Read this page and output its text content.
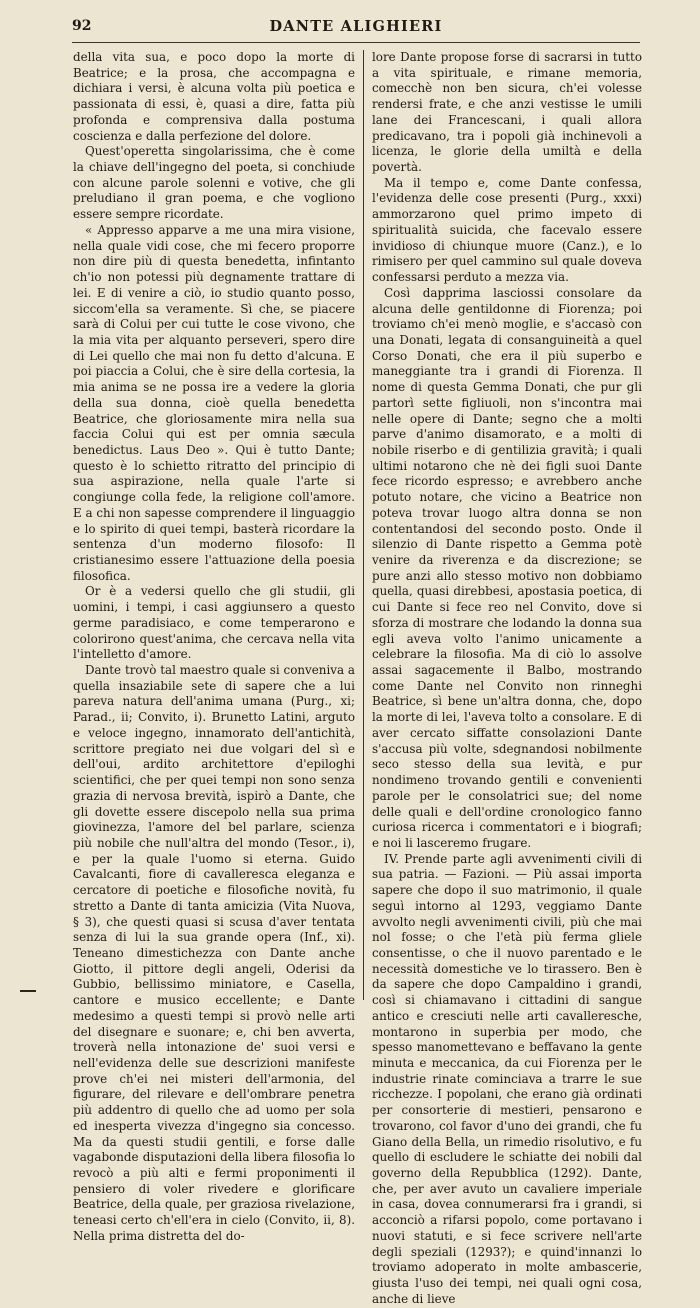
92	DANTE ALIGHIERI

della vita sua, e poco dopo la morte di Beatrice; e la prosa, che accompagna e dichiara i versi, è alcuna volta più poetica e passionata di essi, è, quasi a dire, fatta più profonda e comprensiva dalla postuma coscienza e dalla perfezione del dolore.

Quest'operetta singolarissima, che è come la chiave dell'ingegno del poeta, si conchiude con alcune parole solenni e votive, che gli preludiano il gran poema, e che vogliono essere sempre ricordate.

« Appresso apparve a me una mira visione, nella quale vidi cose, che mi fecero proporre non dire più di questa benedetta, infintanto ch'io non potessi più degnamente trattare di lei. E di venire a ciò, io studio quanto posso, siccom'ella sa veramente. Sì che, se piacere sarà di Colui per cui tutte le cose vivono, che la mia vita per alquanto perseveri, spero dire di Lei quello che mai non fu detto d'alcuna. E poi piaccia a Colui, che è sire della cortesia, la mia anima se ne possa ire a vedere la gloria della sua donna, cioè quella benedetta Beatrice, che gloriosamente mira nella sua faccia Colui qui est per omnia sæcula benedictus. Laus Deo ». Qui è tutto Dante; questo è lo schietto ritratto del principio di sua aspirazione, nella quale l'arte si congiunge colla fede, la religione coll'amore. E a chi non sapesse comprendere il linguaggio e lo spirito di quei tempi, basterà ricordare la sentenza d'un moderno filosofo: Il cristianesimo essere l'attuazione della poesia filosofica.

Or è a vedersi quello che gli studii, gli uomini, i tempi, i casi aggiunsero a questo germe paradisiaco, e come temperarono e colorirono quest'anima, che cercava nella vita l'intelletto d'amore.

Dante trovò tal maestro quale si conveniva a quella insaziabile sete di sapere che a lui pareva natura dell'anima umana (Purg., xi; Parad., ii; Convito, i). Brunetto Latini, arguto e veloce ingegno, innamorato dell'antichità, scrittore pregiato nei due volgari del sì e dell'oui, ardito architettore d'epiloghi scientifici, che per quei tempi non sono senza grazia di nervosa brevità, ispirò a Dante, che gli dovette essere discepolo nella sua prima giovinezza, l'amore del bel parlare, scienza più nobile che null'altra del mondo (Tesor., i), e per la quale l'uomo si eterna. Guido Cavalcanti, fiore di cavalleresca eleganza e cercatore di poetiche e filosofiche novità, fu stretto a Dante di tanta amicizia (Vita Nuova, § 3), che questi quasi si scusa d'aver tentata senza di lui la sua grande opera (Inf., xi). Teneano dimestichezza con Dante anche Giotto, il pittore degli angeli, Oderisi da Gubbio, bellissimo miniatore, e Casella, cantore e musico eccellente; e Dante medesimo a questi tempi si provò nelle arti del disegnare e suonare; e, chi ben avverta, troverà nella intonazione de' suoi versi e nell'evidenza delle sue descrizioni manifeste prove ch'ei nei misteri dell'armonia, del figurare, del rilevare e dell'ombrare penetra più addentro di quello che ad uomo per sola ed inesperta vivezza d'ingegno sia concesso. Ma da questi studii gentili, e forse dalle vagabonde disputazioni della libera filosofia lo revocò a più alti e fermi proponimenti il pensiero di voler rivedere e glorificare Beatrice, della quale, per graziosa rivelazione, teneasi certo ch'ell'era in cielo (Convito, ii, 8). Nella prima distretta del do-

lore Dante propose forse di sacrarsi in tutto a vita spirituale, e rimane memoria, comecchè non ben sicura, ch'ei volesse rendersi frate, e che anzi vestisse le umili lane dei Francescani, i quali allora predicavano, tra i popoli già inchinevoli a licenza, le glorie della umiltà e della povertà.

Ma il tempo e, come Dante confessa, l'evidenza delle cose presenti (Purg., xxxi) ammorzarono quel primo impeto di spiritualità suicida, che facevalo essere invidioso di chiunque muore (Canz.), e lo rimisero per quel cammino sul quale doveva confessarsi perduto a mezza via.

Così dapprima lasciossi consolare da alcuna delle gentildonne di Fiorenza; poi troviamo ch'ei menò moglie, e s'accasò con una Donati, legata di consanguineità a quel Corso Donati, che era il più superbo e maneggiante tra i grandi di Fiorenza. Il nome di questa Gemma Donati, che pur gli partorì sette figliuoli, non s'incontra mai nelle opere di Dante; segno che a molti parve d'animo disamorato, e a molti di nobile riserbo e di gentilizia gravità; i quali ultimi notarono che nè dei figli suoi Dante fece ricordo espresso; e avrebbero anche potuto notare, che vicino a Beatrice non poteva trovar luogo altra donna se non contentandosi del secondo posto. Onde il silenzio di Dante rispetto a Gemma potè venire da riverenza e da discrezione; se pure anzi allo stesso motivo non dobbiamo quella, quasi direbbesi, apostasia poetica, di cui Dante si fece reo nel Convito, dove si sforza di mostrare che lodando la donna sua egli aveva volto l'animo unicamente a celebrare la filosofia. Ma di ciò lo assolve assai sagacemente il Balbo, mostrando come Dante nel Convito non rinneghi Beatrice, sì bene un'altra donna, che, dopo la morte di lei, l'aveva tolto a consolare. E di aver cercato siffatte consolazioni Dante s'accusa più volte, sdegnandosi nobilmente seco stesso della sua levità, e pur nondimeno trovando gentili e convenienti parole per le consolatrici sue; del nome delle quali e dell'ordine cronologico fanno curiosa ricerca i commentatori e i biografi; e noi li lasceremo frugare.

IV. Prende parte agli avvenimenti civili di sua patria. — Fazioni. — Più assai importa sapere che dopo il suo matrimonio, il quale seguì intorno al 1293, veggiamo Dante avvolto negli avvenimenti civili, più che mai nol fosse; o che l'età più ferma gliele consentisse, o che il nuovo parentado e le necessità domestiche ve lo tirassero. Ben è da sapere che dopo Campaldino i grandi, così si chiamavano i cittadini di sangue antico e cresciuti nelle arti cavalleresche, montarono in superbia per modo, che spesso manomettevano e beffavano la gente minuta e meccanica, da cui Fiorenza per le industrie rinate cominciava a trarre le sue ricchezze. I popolani, che erano già ordinati per consorterie di mestieri, pensarono e trovarono, col favor d'uno dei grandi, che fu Giano della Bella, un rimedio risolutivo, e fu quello di escludere le schiatte dei nobili dal governo della Repubblica (1292). Dante, che, per aver avuto un cavaliere imperiale in casa, dovea connumerarsi fra i grandi, si acconciò a rifarsi popolo, come portavano i nuovi statuti, e si fece scrivere nell'arte degli speziali (1293?); e quind'innanzi lo troviamo adoperato in molte ambascerie, giusta l'uso dei tempi, nei quali ogni cosa, anche di lieve
